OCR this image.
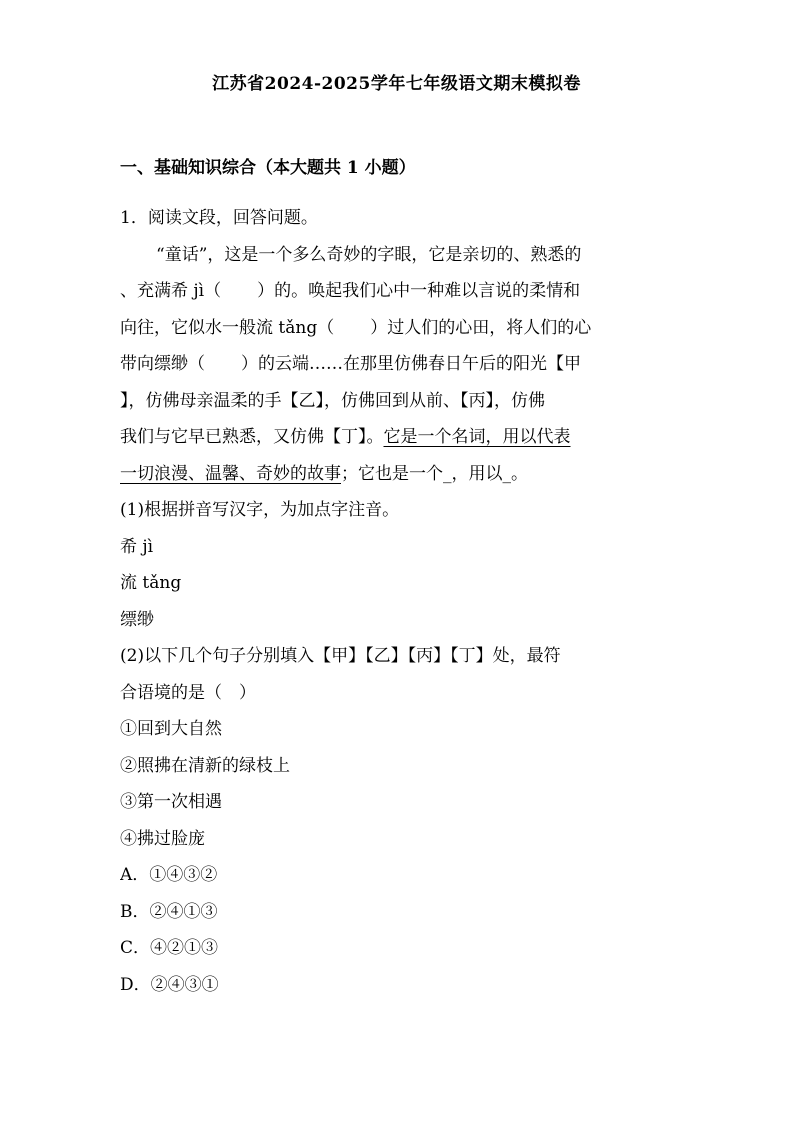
江苏省2024-2025学年七年级语文期末模拟卷
一、基础知识综合（本大题共 1 小题）
1．阅读文段，回答问题。
“童话”，这是一个多么奇妙的字眼，它是亲切的、熟悉的
、充满希 jì（ ）的。唤起我们心中一种难以言说的柔情和
向往，它似水一般流 tǎng（ ）过人们的心田，将人们的心
带向缥缈（ ）的云端……在那里仿佛春日午后的阳光【甲
】，仿佛母亲温柔的手【乙】，仿佛回到从前、【丙】，仿佛
我们与它早已熟悉，又仿佛【丁】。它是一个名词，用以代表
一切浪漫、温馨、奇妙的故事；它也是一个_，用以_。
(1)根据拼音写汉字，为加点字注音。
希 jì
流 tǎng
缥缈
(2)以下几个句子分别填入【甲】【乙】【丙】【丁】处，最符
合语境的是（　）
①回到大自然
②照拂在清新的绿枝上
③第一次相遇
④拂过脸庞
A．①④③②
B．②④①③
C．④②①③
D．②④③①
